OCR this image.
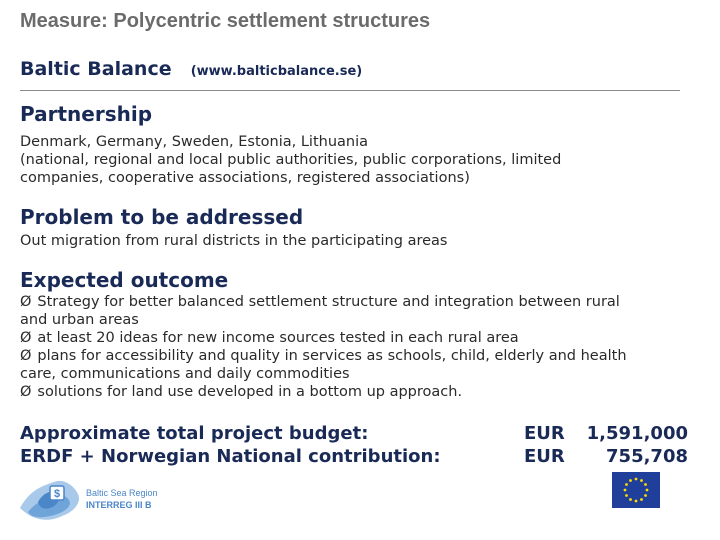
Measure: Polycentric settlement structures
Baltic Balance (www.balticbalance.se)
Partnership
Denmark, Germany, Sweden, Estonia, Lithuania
(national, regional and local public authorities, public corporations, limited
companies, cooperative associations, registered associations)
Problem to be addressed
Out migration from rural districts in the participating areas
Expected outcome
Ø Strategy for better balanced settlement structure and integration between rural
and urban areas
Ø at least 20 ideas for new income sources tested in each rural area
Ø plans for accessibility and quality in services as schools, child, elderly and health
care, communications and daily commodities
Ø solutions for land use developed in a bottom up approach.
Approximate total project budget:
ERDF + Norwegian National contribution:
EUR
EUR
1,591,000
755,708
$	Baltic Sea Region
INTERREG III B
